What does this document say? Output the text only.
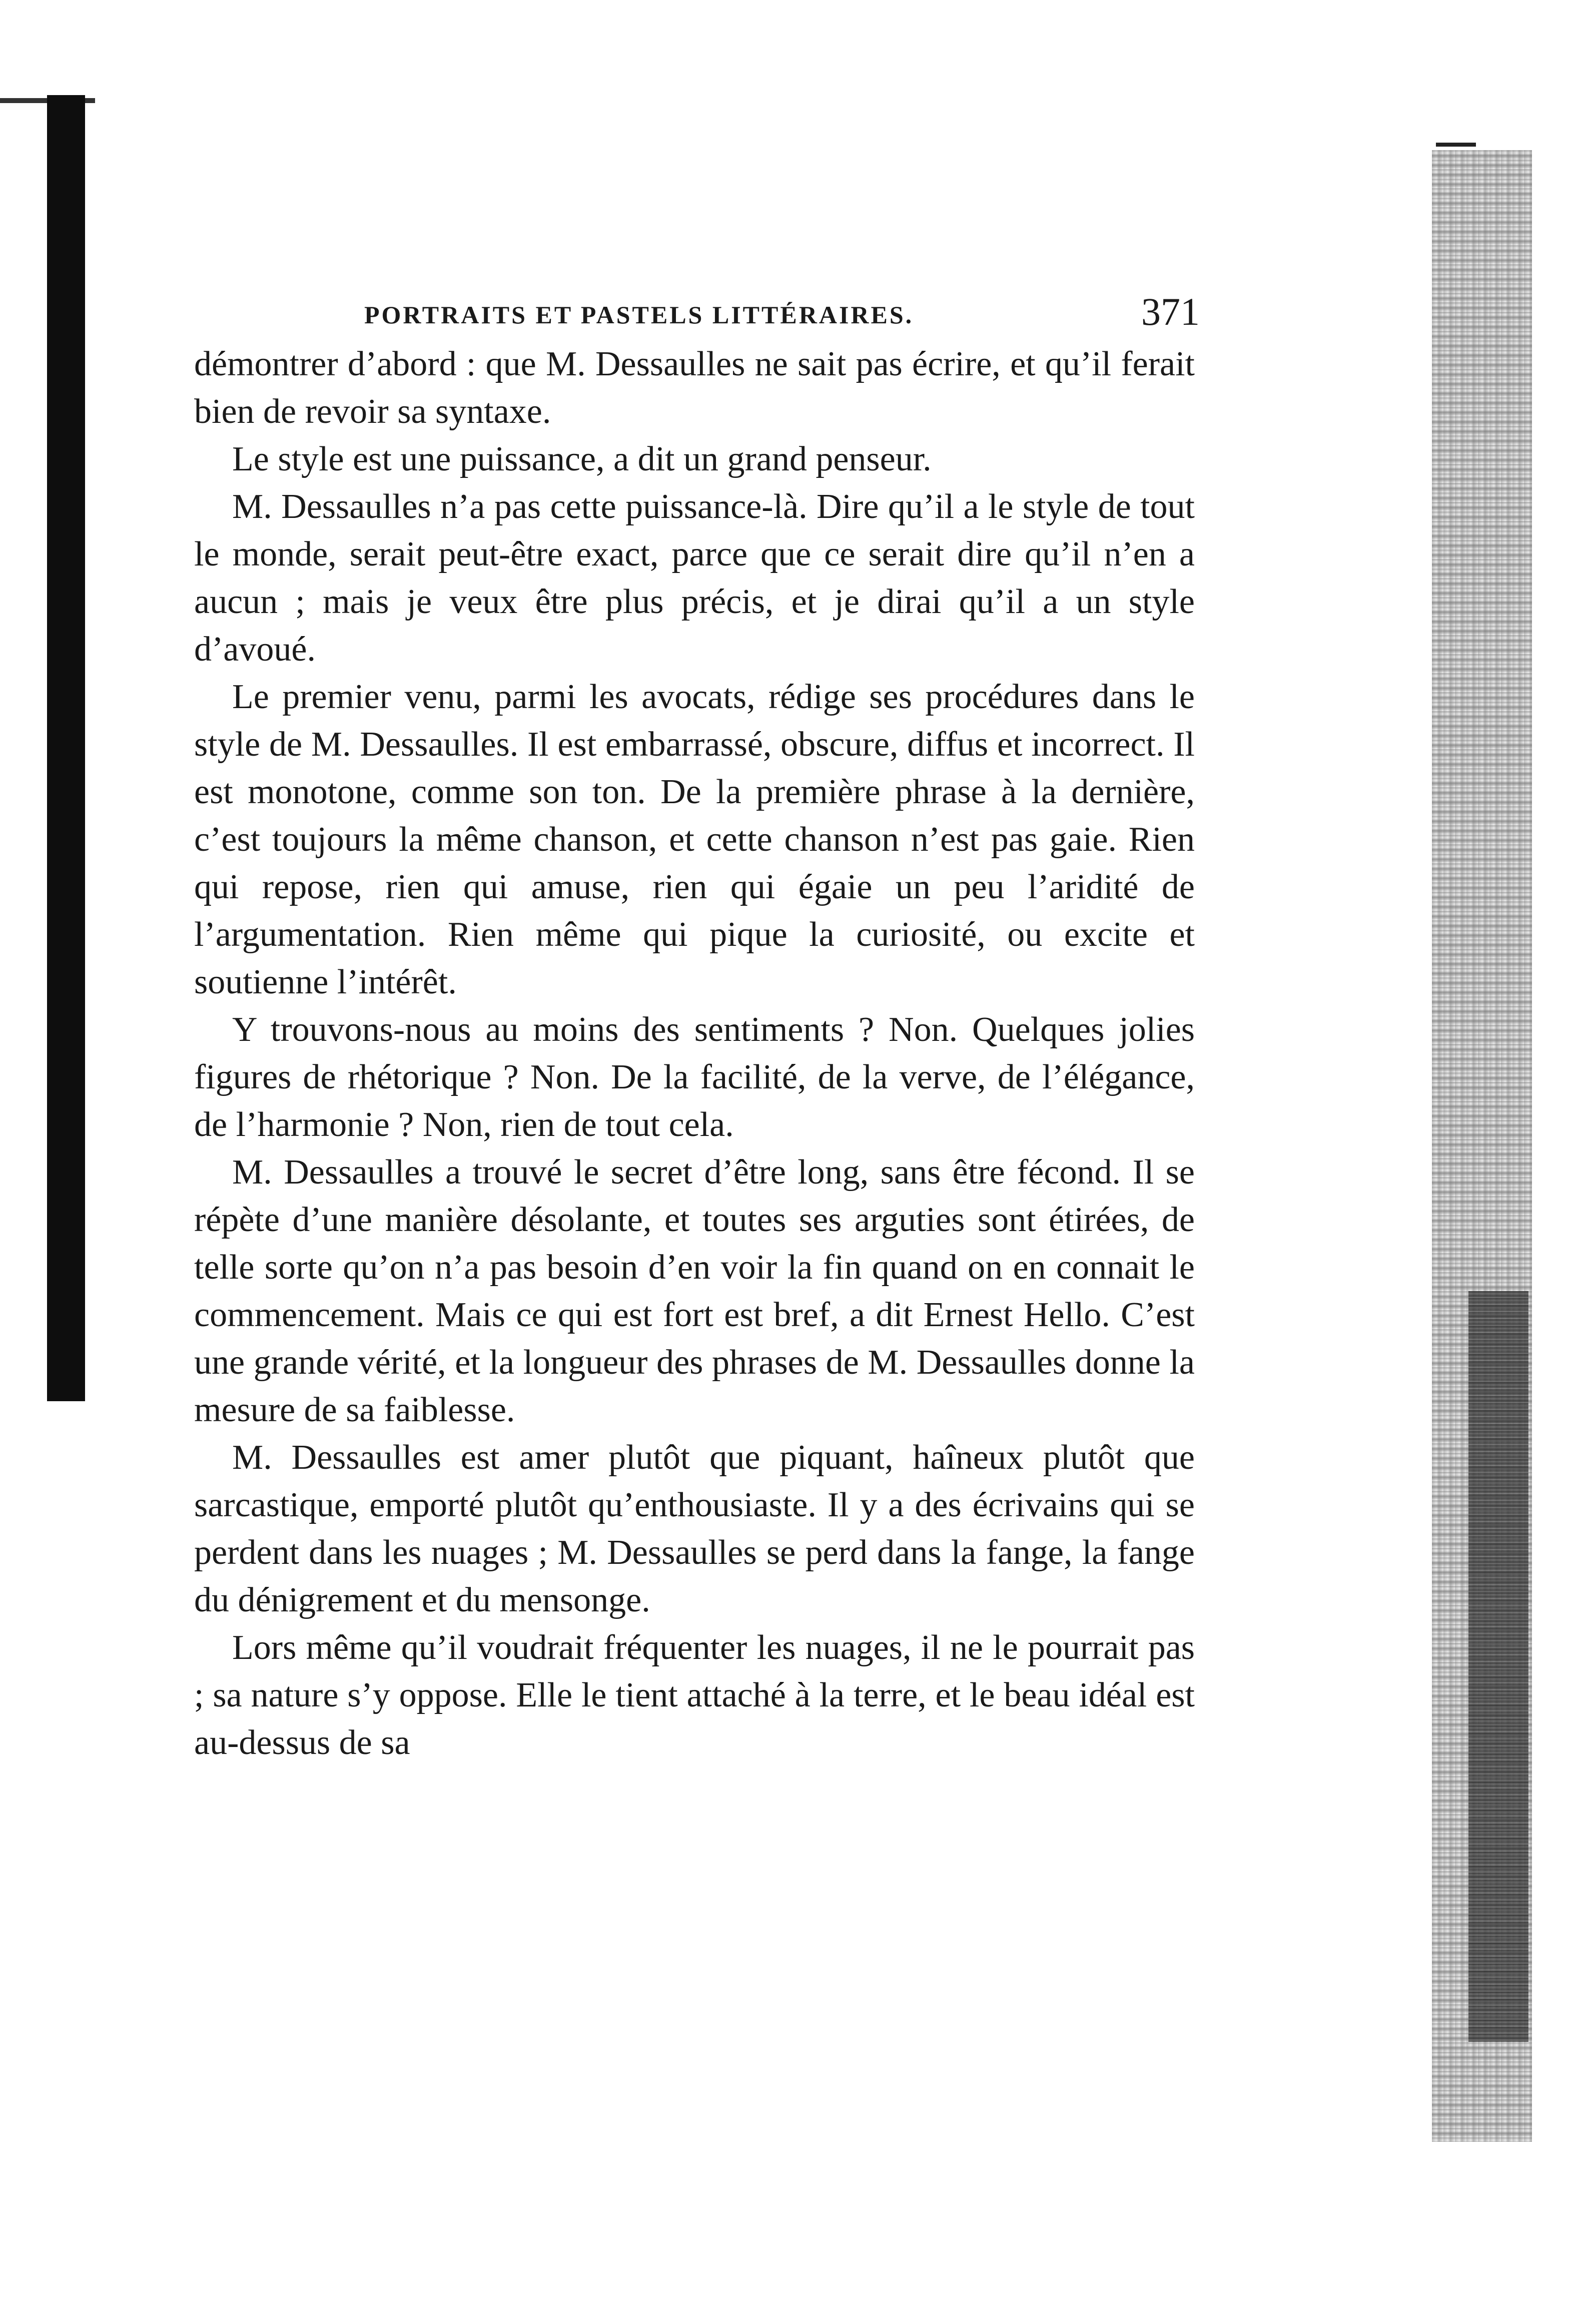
PORTRAITS ET PASTELS LITTÉRAIRES.	371

démontrer d’abord : que M. Dessaulles ne sait pas écrire, et qu’il ferait bien de revoir sa syntaxe.

Le style est une puissance, a dit un grand penseur.

M. Dessaulles n’a pas cette puissance-là. Dire qu’il a le style de tout le monde, serait peut-être exact, parce que ce serait dire qu’il n’en a aucun ; mais je veux être plus précis, et je dirai qu’il a un style d’avoué.

Le premier venu, parmi les avocats, rédige ses procédures dans le style de M. Dessaulles. Il est embarrassé, obscure, diffus et incorrect. Il est monotone, comme son ton. De la première phrase à la dernière, c’est toujours la même chanson, et cette chanson n’est pas gaie. Rien qui repose, rien qui amuse, rien qui égaie un peu l’aridité de l’argumentation. Rien même qui pique la curiosité, ou excite et soutienne l’intérêt.

Y trouvons-nous au moins des sentiments ? Non. Quelques jolies figures de rhétorique ? Non. De la facilité, de la verve, de l’élégance, de l’harmonie ? Non, rien de tout cela.

M. Dessaulles a trouvé le secret d’être long, sans être fécond. Il se répète d’une manière désolante, et toutes ses arguties sont étirées, de telle sorte qu’on n’a pas besoin d’en voir la fin quand on en connait le commencement. Mais ce qui est fort est bref, a dit Ernest Hello. C’est une grande vérité, et la longueur des phrases de M. Dessaulles donne la mesure de sa faiblesse.

M. Dessaulles est amer plutôt que piquant, haîneux plutôt que sarcastique, emporté plutôt qu’enthousiaste. Il y a des écrivains qui se perdent dans les nuages ; M. Dessaulles se perd dans la fange, la fange du dénigrement et du mensonge.

Lors même qu’il voudrait fréquenter les nuages, il ne le pourrait pas ; sa nature s’y oppose. Elle le tient attaché à la terre, et le beau idéal est au-dessus de sa
